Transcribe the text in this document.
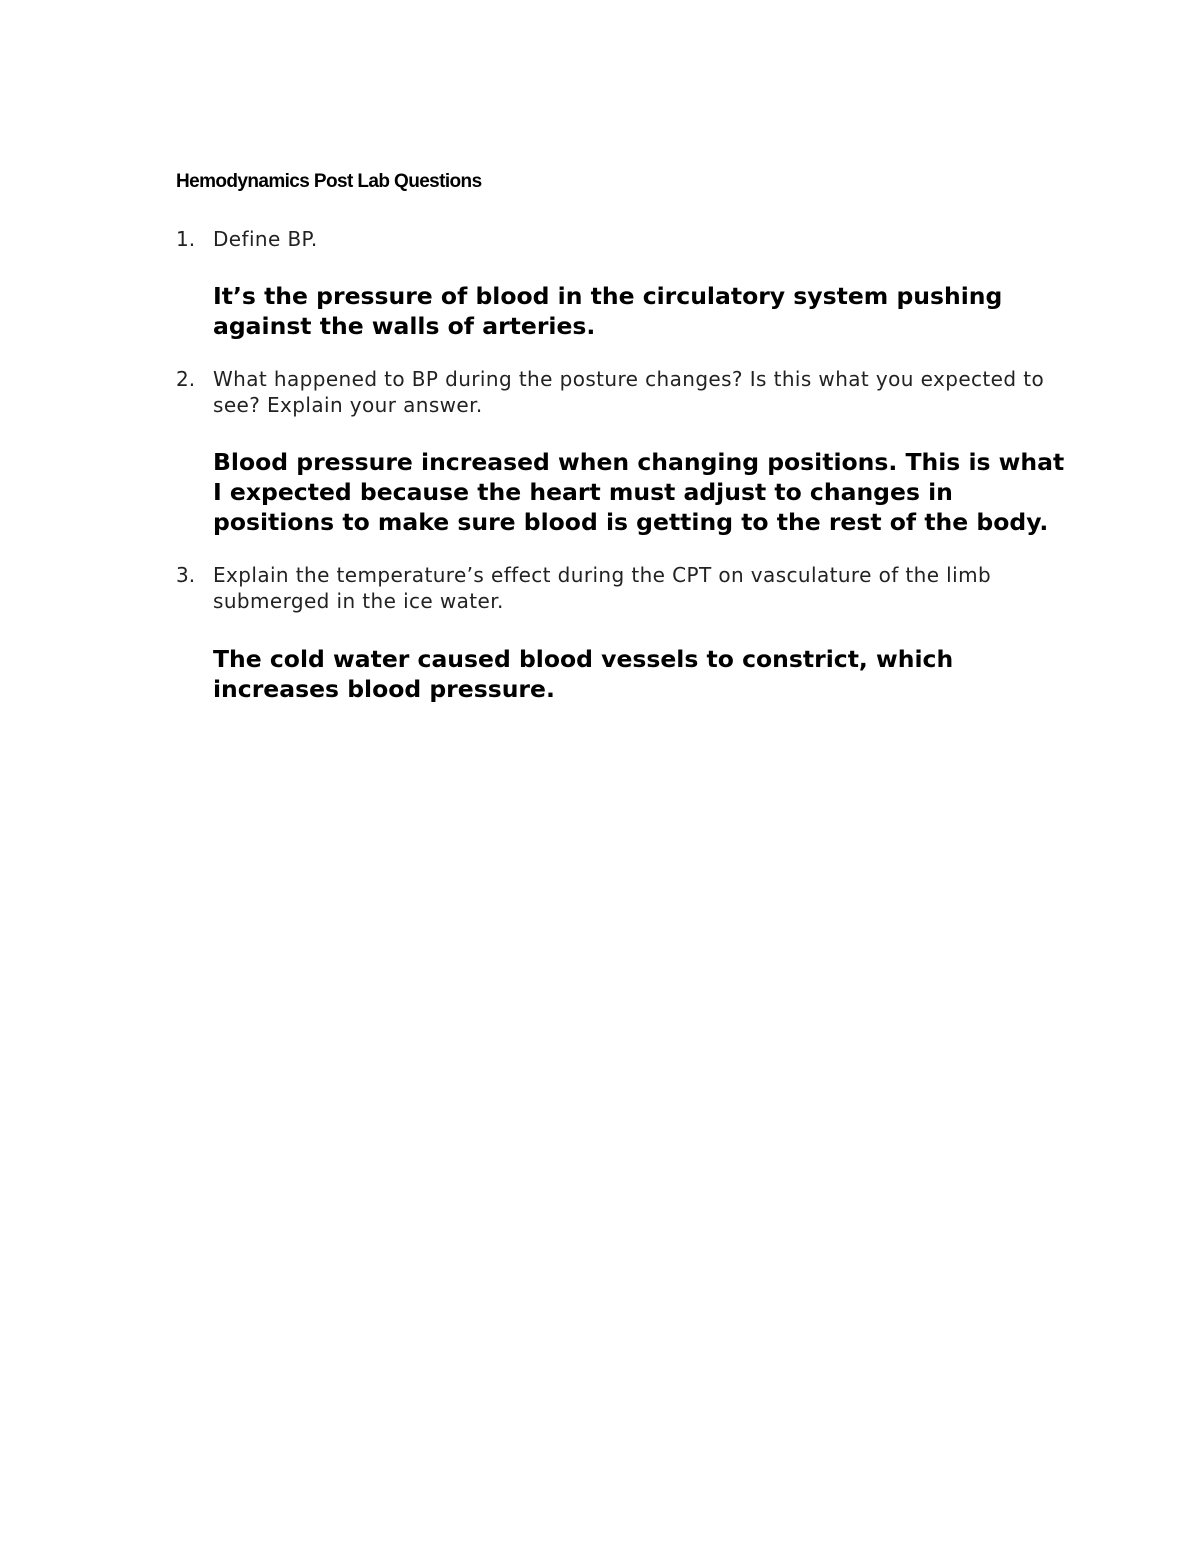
Hemodynamics Post Lab Questions
1. Define BP.

It’s the pressure of blood in the circulatory system pushing against the walls of arteries.

2. What happened to BP during the posture changes? Is this what you expected to see? Explain your answer.

Blood pressure increased when changing positions. This is what I expected because the heart must adjust to changes in positions to make sure blood is getting to the rest of the body.

3. Explain the temperature’s effect during the CPT on vasculature of the limb submerged in the ice water.

The cold water caused blood vessels to constrict, which increases blood pressure.
